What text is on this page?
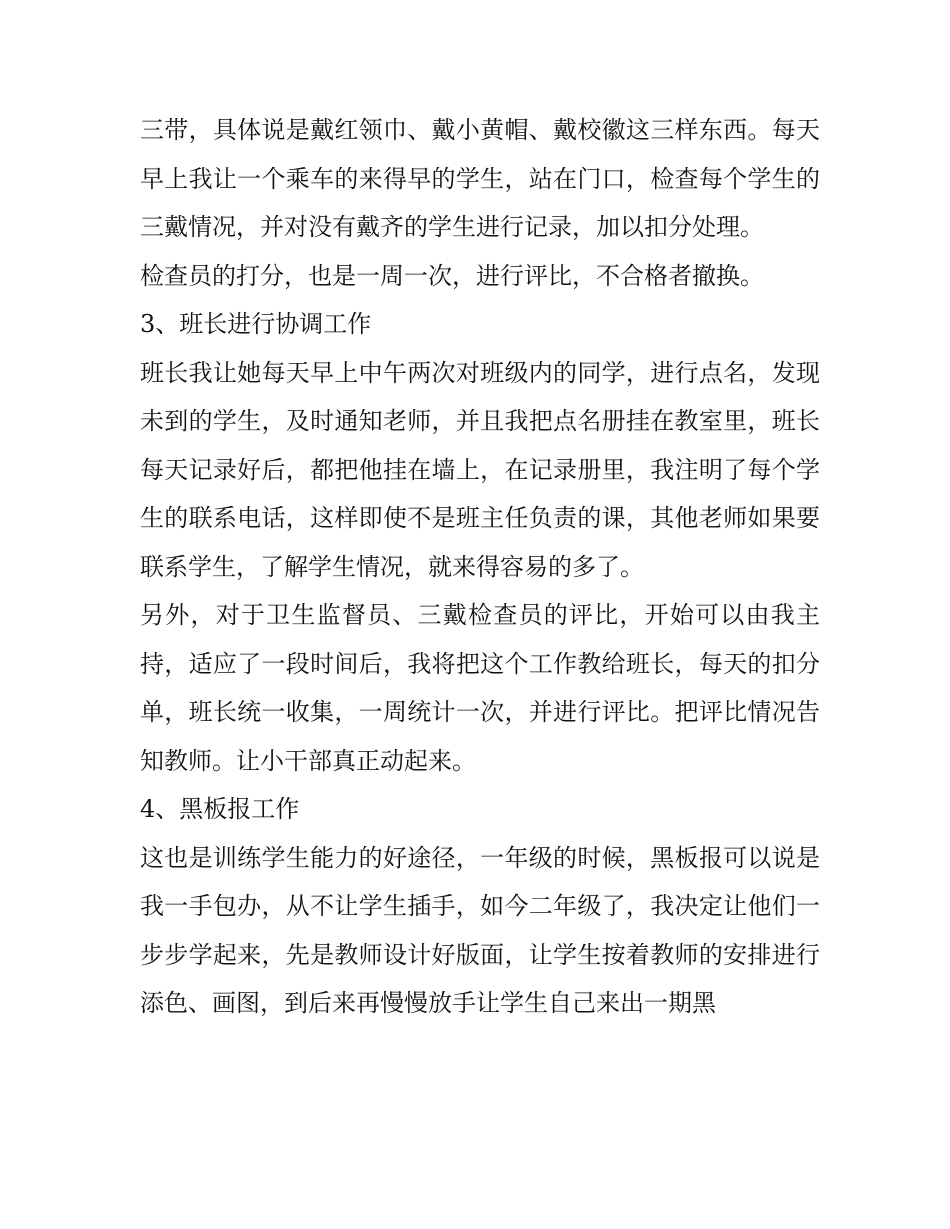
三带，具体说是戴红领巾、戴小黄帽、戴校徽这三样东西。每天早上我让一个乘车的来得早的学生，站在门口，检查每个学生的三戴情况，并对没有戴齐的学生进行记录，加以扣分处理。

检查员的打分，也是一周一次，进行评比，不合格者撤换。

3、班长进行协调工作

班长我让她每天早上中午两次对班级内的同学，进行点名，发现未到的学生，及时通知老师，并且我把点名册挂在教室里，班长每天记录好后，都把他挂在墙上，在记录册里，我注明了每个学生的联系电话，这样即使不是班主任负责的课，其他老师如果要联系学生，了解学生情况，就来得容易的多了。

另外，对于卫生监督员、三戴检查员的评比，开始可以由我主持，适应了一段时间后，我将把这个工作教给班长，每天的扣分单，班长统一收集，一周统计一次，并进行评比。把评比情况告知教师。让小干部真正动起来。

4、黑板报工作

这也是训练学生能力的好途径，一年级的时候，黑板报可以说是我一手包办，从不让学生插手，如今二年级了，我决定让他们一步步学起来，先是教师设计好版面，让学生按着教师的安排进行添色、画图，到后来再慢慢放手让学生自己来出一期黑
